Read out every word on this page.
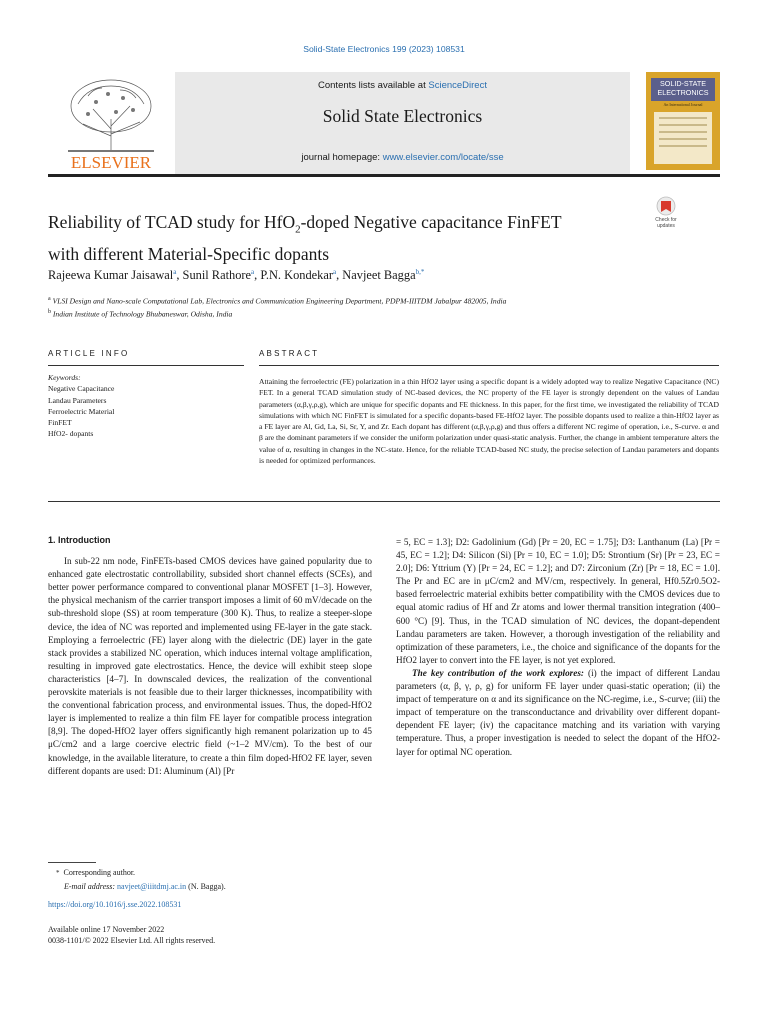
Solid-State Electronics 199 (2023) 108531
ELSEVIER
Contents lists available at ScienceDirect
Solid State Electronics
journal homepage: www.elsevier.com/locate/sse
SOLID-STATE
ELECTRONICS
An International Journal
Reliability of TCAD study for HfO$_2$-doped Negative capacitance FinFET
with different Material-Specific dopants
Check for
updates
Rajeewa Kumar Jaisawal$^a$, Sunil Rathore$^a$, P.N. Kondekar$^a$, Navjeet Bagga$^{b,*}$
$^a$ VLSI Design and Nano-scale Computational Lab, Electronics and Communication Engineering Department, PDPM-IIITDM Jabalpur 482005, India
$^b$ Indian Institute of Technology Bhubaneswar, Odisha, India
ARTICLE INFO	ABSTRACT
Keywords:
Negative Capacitance
Landau Parameters
Ferroelectric Material
FinFET
HfO2- dopants
Attaining the ferroelectric (FE) polarization in a thin HfO2 layer using a specific dopant is a widely adopted way to realize Negative Capacitance (NC) FET. In a general TCAD simulation study of NC-based devices, the NC property of the FE layer is strongly dependent on the values of Landau parameters (α,β,γ,ρ,g), which are unique for specific dopants and FE thickness. In this paper, for the first time, we investigated the reliability of TCAD simulations with which NC FinFET is simulated for a specific dopants-based FE-HfO2 layer. The possible dopants used to realize a thin-HfO2 layer as a FE layer are Al, Gd, La, Si, Sr, Y, and Zr. Each dopant has different (α,β,γ,ρ,g) and thus offers a different NC regime of operation, i.e., S-curve. α and β are the dominant parameters if we consider the uniform polarization under quasi-static analysis. Further, the change in ambient temperature alters the value of α, resulting in changes in the NC-state. Hence, for the reliable TCAD-based NC study, the precise selection of Landau parameters and dopants is needed for optimized performances.
1. Introduction

In sub-22 nm node, FinFETs-based CMOS devices have gained popularity due to enhanced gate electrostatic controllability, subsided short channel effects (SCEs), and better power performance compared to conventional planar MOSFET [1–3]. However, the physical mechanism of the carrier transport imposes a limit of 60 mV/decade on the sub-threshold slope (SS) at room temperature (300 K). Thus, to realize a steeper-slope device, the idea of NC was reported and implemented using FE-layer in the gate stack. Employing a ferroelectric (FE) layer along with the dielectric (DE) layer in the gate stack provides a stabilized NC operation, which induces internal voltage amplification, resulting in improved gate electrostatics. Hence, the device will exhibit steep slope characteristics [4–7]. In downscaled devices, the realization of the conventional perovskite materials is not feasible due to their larger thicknesses, incompatibility with the conventional fabrication process, and environmental issues. Thus, the doped-HfO2 layer is implemented to realize a thin film FE layer for compatible process integration [8,9]. The doped-HfO2 layer offers significantly high remanent polarization up to 45 μC/cm2 and a large coercive electric field (~1–2 MV/cm). To the best of our knowledge, in the available literature, to create a thin film doped-HfO2 FE layer, seven different dopants are used: D1: Aluminum (Al) [Pr

= 5, EC = 1.3]; D2: Gadolinium (Gd) [Pr = 20, EC = 1.75]; D3: Lanthanum (La) [Pr = 45, EC = 1.2]; D4: Silicon (Si) [Pr = 10, EC = 1.0]; D5: Strontium (Sr) [Pr = 23, EC = 2.0]; D6: Yttrium (Y) [Pr = 24, EC = 1.2]; and D7: Zirconium (Zr) [Pr = 18, EC = 1.0]. The Pr and EC are in μC/cm2 and MV/cm, respectively. In general, Hf0.5Zr0.5O2-based ferroelectric material exhibits better compatibility with the CMOS devices due to equal atomic radius of Hf and Zr atoms and lower thermal transition integration (400–600 °C) [9]. Thus, in the TCAD simulation of NC devices, the dopant-dependent Landau parameters are taken. However, a thorough investigation of the reliability and optimization of these parameters, i.e., the choice and significance of the dopants for the HfO2 layer to convert into the FE layer, is not yet explored.

The key contribution of the work explores: (i) the impact of different Landau parameters (α, β, γ, ρ, g) for uniform FE layer under quasi-static operation; (ii) the impact of temperature on α and its significance on the NC-regime, i.e., S-curve; (iii) the impact of temperature on the transconductance and drivability over different dopant-dependent FE layer; (iv) the capacitance matching and its variation with varying temperature. Thus, a proper investigation is needed to select the dopant of the HfO2-layer for optimal NC operation.

* Corresponding author.
E-mail address: navjeet@iiitdmj.ac.in (N. Bagga).
https://doi.org/10.1016/j.sse.2022.108531
Available online 17 November 2022
0038-1101/© 2022 Elsevier Ltd. All rights reserved.
